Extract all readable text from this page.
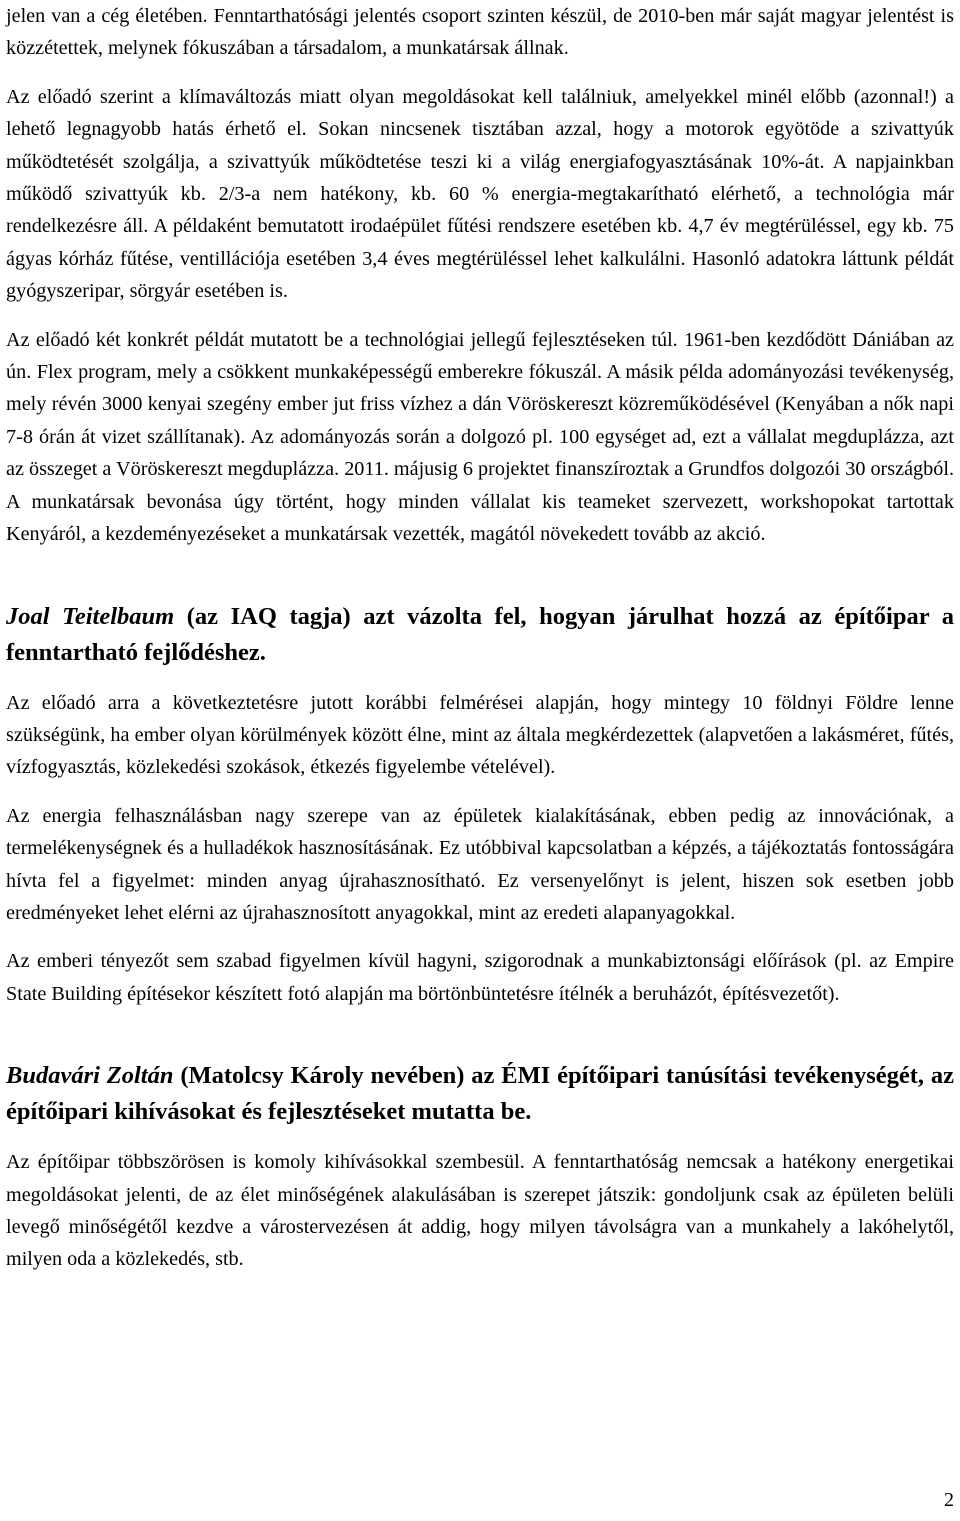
jelen van a cég életében. Fenntarthatósági jelentés csoport szinten készül, de 2010-ben már saját magyar jelentést is közzétettek, melynek fókuszában a társadalom, a munkatársak állnak.

Az előadó szerint a klímaváltozás miatt olyan megoldásokat kell találniuk, amelyekkel minél előbb (azonnal!) a lehető legnagyobb hatás érhető el. Sokan nincsenek tisztában azzal, hogy a motorok egyötöde a szivattyúk működtetését szolgálja, a szivattyúk működtetése teszi ki a világ energiafogyasztásának 10%-át. A napjainkban működő szivattyúk kb. 2/3-a nem hatékony, kb. 60 % energia-megtakarítható elérhető, a technológia már rendelkezésre áll. A példaként bemutatott irodaépület fűtési rendszere esetében kb. 4,7 év megtérüléssel, egy kb. 75 ágyas kórház fűtése, ventillációja esetében 3,4 éves megtérüléssel lehet kalkulálni. Hasonló adatokra láttunk példát gyógyszeripar, sörgyár esetében is.

Az előadó két konkrét példát mutatott be a technológiai jellegű fejlesztéseken túl. 1961-ben kezdődött Dániában az ún. Flex program, mely a csökkent munkaképességű emberekre fókuszál. A másik példa adományozási tevékenység, mely révén 3000 kenyai szegény ember jut friss vízhez a dán Vöröskereszt közreműködésével (Kenyában a nők napi 7-8 órán át vizet szállítanak). Az adományozás során a dolgozó pl. 100 egységet ad, ezt a vállalat megduplázza, azt az összeget a Vöröskereszt megduplázza. 2011. májusig 6 projektet finanszíroztak a Grundfos dolgozói 30 országból. A munkatársak bevonása úgy történt, hogy minden vállalat kis teameket szervezett, workshopokat tartottak Kenyáról, a kezdeményezéseket a munkatársak vezették, magától növekedett tovább az akció.

Joal Teitelbaum (az IAQ tagja) azt vázolta fel, hogyan járulhat hozzá az építőipar a fenntartható fejlődéshez.

Az előadó arra a következtetésre jutott korábbi felmérései alapján, hogy mintegy 10 földnyi Földre lenne szükségünk, ha ember olyan körülmények között élne, mint az általa megkérdezettek (alapvetően a lakásméret, fűtés, vízfogyasztás, közlekedési szokások, étkezés figyelembe vételével).

Az energia felhasználásban nagy szerepe van az épületek kialakításának, ebben pedig az innovációnak, a termelékenységnek és a hulladékok hasznosításának. Ez utóbbival kapcsolatban a képzés, a tájékoztatás fontosságára hívta fel a figyelmet: minden anyag újrahasznosítható. Ez versenyelőnyt is jelent, hiszen sok esetben jobb eredményeket lehet elérni az újrahasznosított anyagokkal, mint az eredeti alapanyagokkal.

Az emberi tényezőt sem szabad figyelmen kívül hagyni, szigorodnak a munkabiztonsági előírások (pl. az Empire State Building építésekor készített fotó alapján ma börtönbüntetésre ítélnék a beruházót, építésvezetőt).

Budavári Zoltán (Matolcsy Károly nevében) az ÉMI építőipari tanúsítási tevékenységét, az építőipari kihívásokat és fejlesztéseket mutatta be.

Az építőipar többszörösen is komoly kihívásokkal szembesül. A fenntarthatóság nemcsak a hatékony energetikai megoldásokat jelenti, de az élet minőségének alakulásában is szerepet játszik: gondoljunk csak az épületen belüli levegő minőségétől kezdve a várostervezésen át addig, hogy milyen távolságra van a munkahely a lakóhelytől, milyen oda a közlekedés, stb.

2
